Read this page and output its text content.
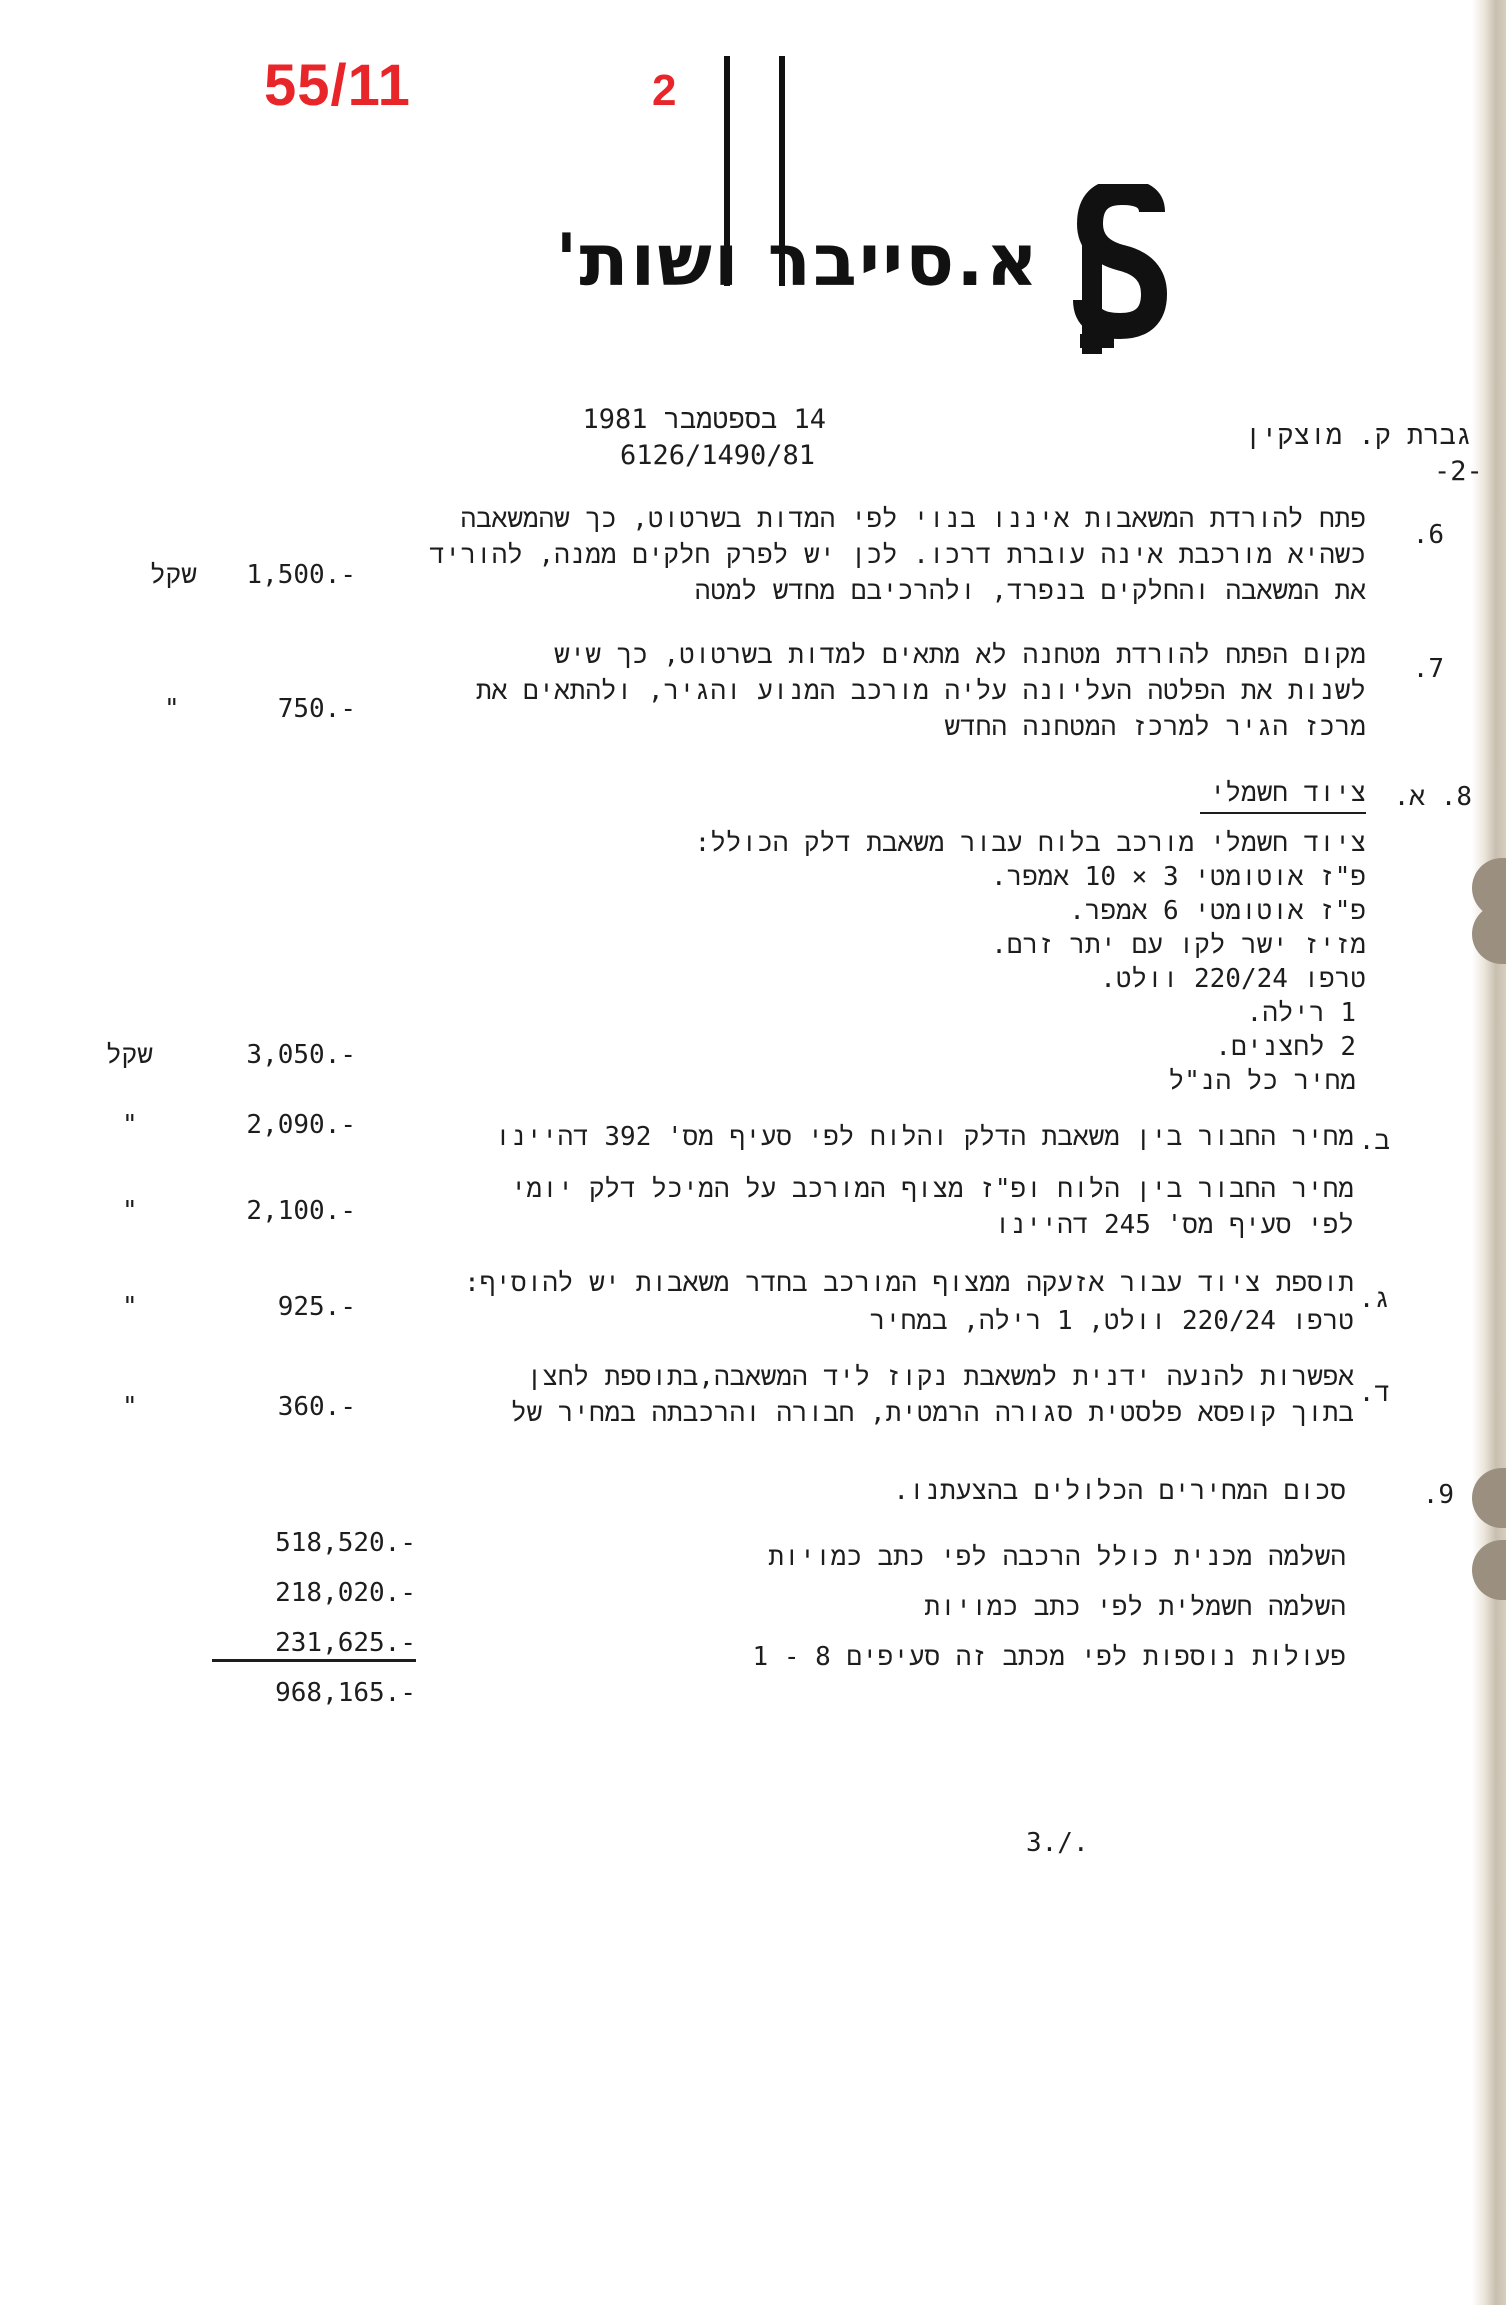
55/11	2
א.סייבר ושות'
גברת ק. מוצקין
-2-
14 בספטמבר 1981
6126/1490/81
6.
פתח להורדת המשאבות איננו בנוי לפי המדות בשרטוט, כך שהמשאבה
כשהיא מורכבת אינה עוברת דרכו. לכן יש לפרק חלקים ממנה, להוריד
את המשאבה והחלקים בנפרד, ולהרכיבם מחדש למטה
1,500.-
שקל
7.
מקום הפתח להורדת מטחנה לא מתאים למדות בשרטוט, כך שיש
לשנות את הפלטה העליונה עליה מורכב המנוע והגיר, ולהתאים את
מרכז הגיר למרכז המטחנה החדש
750.-
"
8. א.
ציוד חשמלי
ציוד חשמלי מורכב בלוח עבור משאבת דלק הכולל:
פ"ז אוטומטי 3 × 10 אמפר.
פ"ז אוטומטי 6 אמפר.
מזיז ישר לקו עם יתר זרם.
טרפו 220/24 וולט.
1 רילה.
2 לחצנים.
מחיר כל הנ"ל
3,050.-
שקל
ב.
מחיר החבור בין משאבת הדלק והלוח לפי סעיף מס' 392 דהיינו
2,090.-
"
מחיר החבור בין הלוח ופ"ז מצוף המורכב על המיכל דלק יומי
לפי סעיף מס' 245 דהיינו
2,100.-
"
ג.
תוספת ציוד עבור אזעקה ממצוף המורכב בחדר משאבות יש להוסיף:
טרפו 220/24 וולט, 1 רילה, במחיר
925.-
"
ד.
אפשרות להנעה ידנית למשאבת נקוז ליד המשאבה,בתוספת לחצן
בתוך קופסא פלסטית סגורה הרמטית, חבורה והרכבתה במחיר של
360.-
"
9.
סכום המחירים הכלולים בהצעתנו.
השלמה מכנית כולל הרכבה לפי כתב כמויות
518,520.-
השלמה חשמלית לפי כתב כמויות
218,020.-
פעולות נוספות לפי מכתב זה סעיפים 8 - 1
231,625.-
968,165.-
3./.
